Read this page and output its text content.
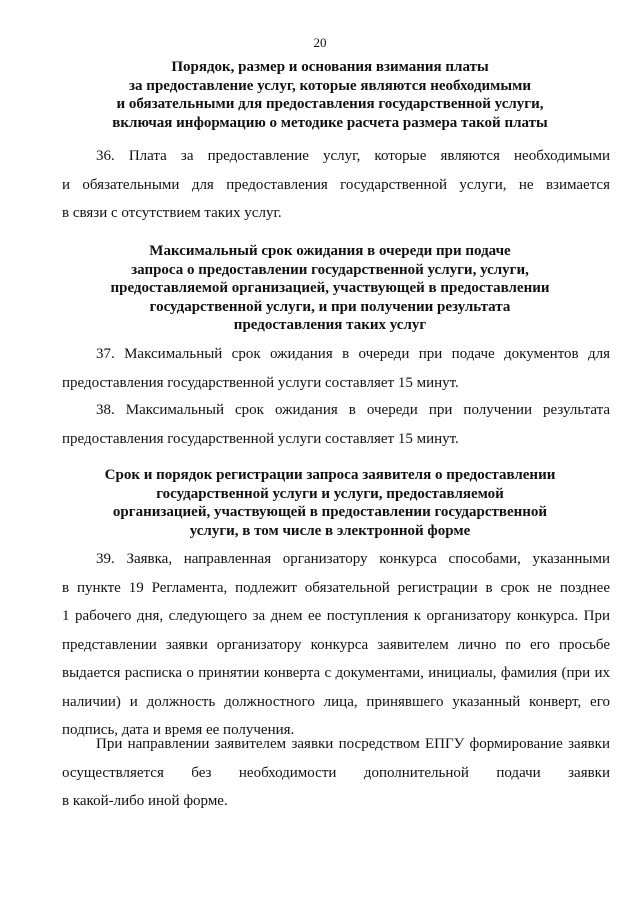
20
Порядок, размер и основания взимания платы
за предоставление услуг, которые являются необходимыми
и обязательными для предоставления государственной услуги,
включая информацию о методике расчета размера такой платы
36. Плата за предоставление услуг, которые являются необходимыми
и обязательными для предоставления государственной услуги, не взимается
в связи с отсутствием таких услуг.
Максимальный срок ожидания в очереди при подаче
запроса о предоставлении государственной услуги, услуги,
предоставляемой организацией, участвующей в предоставлении
государственной услуги, и при получении результата
предоставления таких услуг
37. Максимальный срок ожидания в очереди при подаче документов для
предоставления государственной услуги составляет 15 минут.
38. Максимальный срок ожидания в очереди при получении результата
предоставления государственной услуги составляет 15 минут.
Срок и порядок регистрации запроса заявителя о предоставлении
государственной услуги и услуги, предоставляемой
организацией, участвующей в предоставлении государственной
услуги, в том числе в электронной форме
39. Заявка, направленная организатору конкурса способами, указанными
в пункте 19 Регламента, подлежит обязательной регистрации в срок не позднее
1 рабочего дня, следующего за днем ее поступления к организатору конкурса. При
представлении заявки организатору конкурса заявителем лично по его просьбе
выдается расписка о принятии конверта с документами, инициалы, фамилия (при их
наличии) и должность должностного лица, принявшего указанный конверт, его
подпись, дата и время ее получения.
При направлении заявителем заявки посредством ЕПГУ формирование заявки
осуществляется без необходимости дополнительной подачи заявки
в какой-либо иной форме.
